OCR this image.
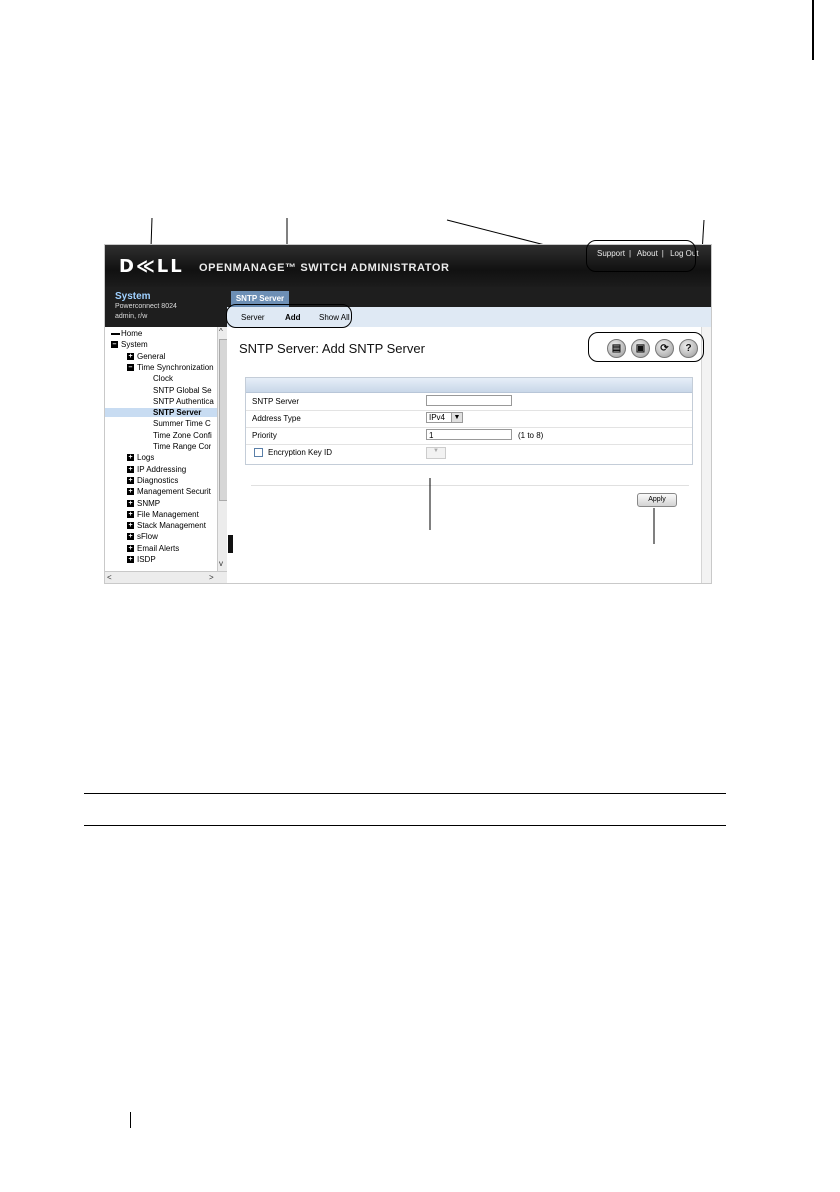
D≪LL OPENMANAGE™ SWITCH ADMINISTRATOR
Support | About | Log Out
System
Powerconnect 8024
admin, r/w
Home
System
–
General
+
Time Synchronization
–
Clock
SNTP Global Se
SNTP Authentica
SNTP Server
Summer Time C
Time Zone Confi
Time Range Cor
Logs
+
IP Addressing
+
Diagnostics
+
Management Securit
+
SNMP
+
File Management
+
Stack Management
+
sFlow
+
Email Alerts
+
ISDP
+
^
v
<	>
SNTP Server
Server	Add Show All
SNTP Server: Add SNTP Server	▤	▣	⟳	?
SNTP Server
Address Type	IPv4	▼
Priority	1	(1 to 8)
Encryption Key ID	▼
Apply
